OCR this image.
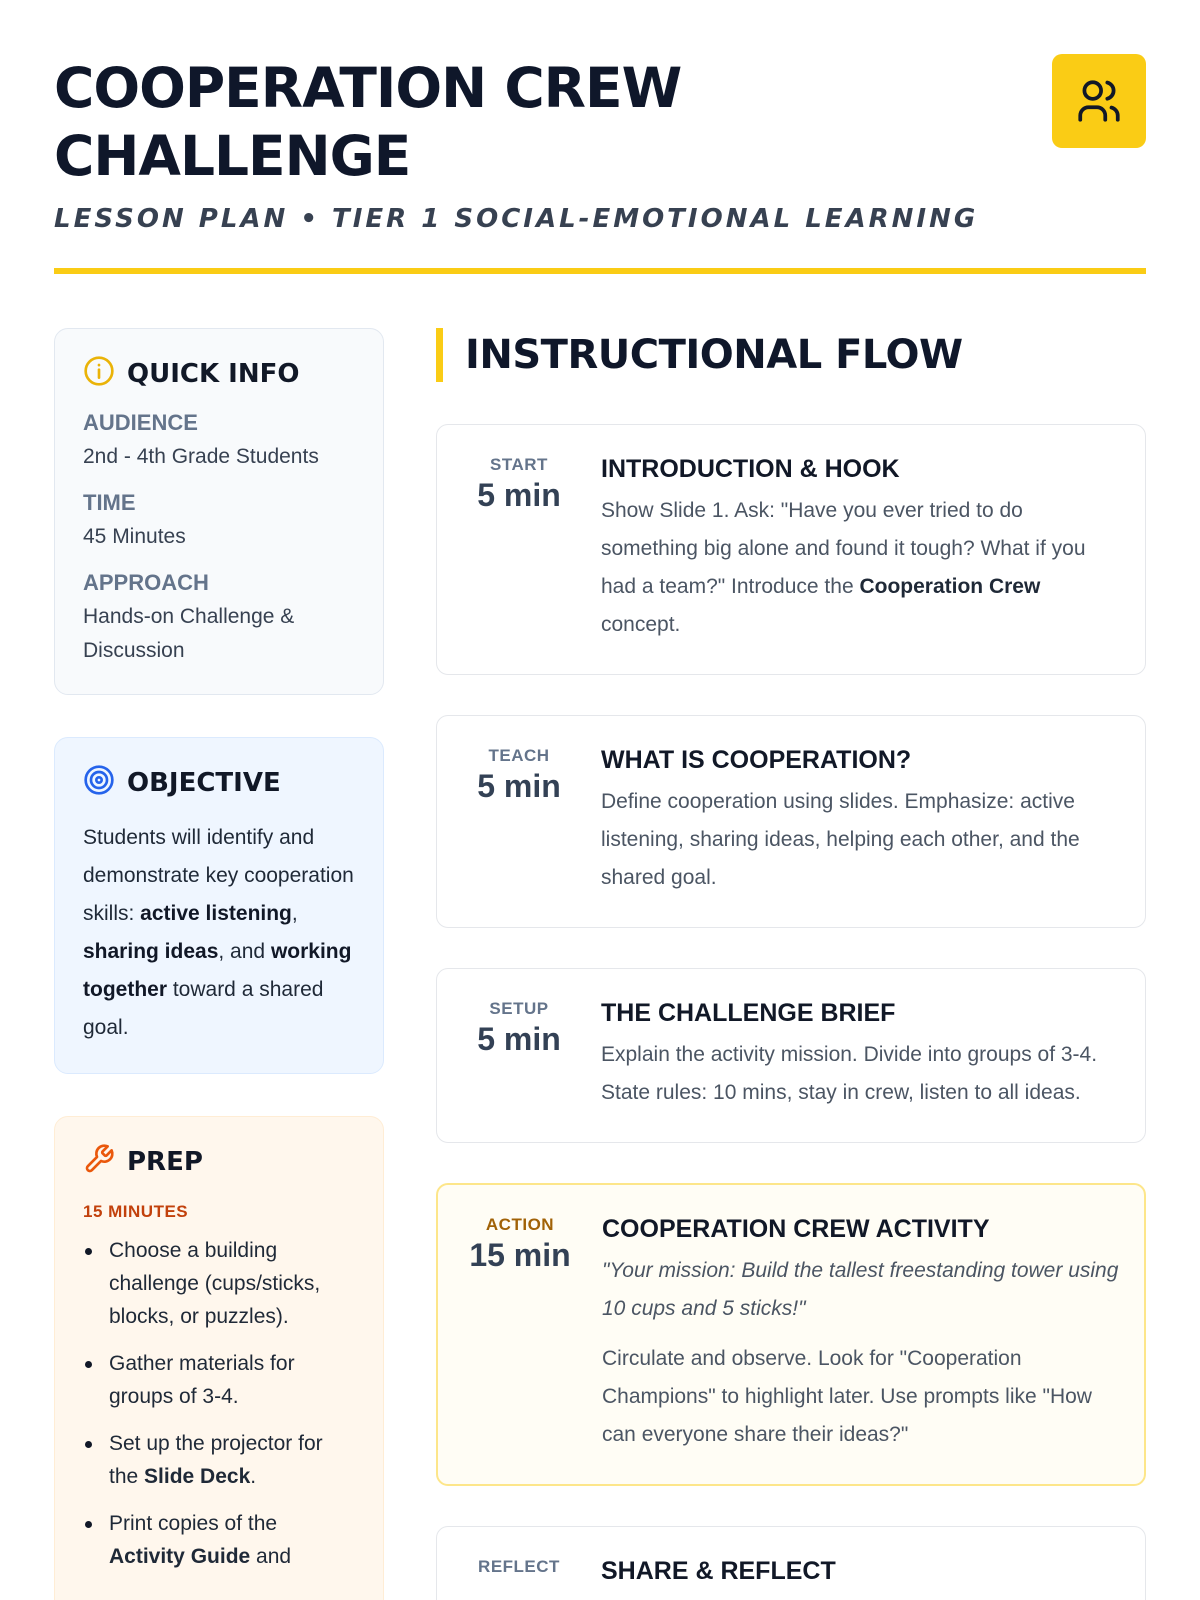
COOPERATION CREW CHALLENGE
LESSON PLAN • TIER 1 SOCIAL-EMOTIONAL LEARNING
QUICK INFO
AUDIENCE
2nd - 4th Grade Students
TIME
45 Minutes
APPROACH
Hands-on Challenge & Discussion
OBJECTIVE

Students will identify and demonstrate key cooperation skills: active listening, sharing ideas, and working together toward a shared goal.

PREP
15 MINUTES
Choose a building challenge (cups/sticks, blocks, or puzzles).
Gather materials for groups of 3-4.
Set up the projector for the Slide Deck.
Print copies of the Activity Guide and
INSTRUCTIONAL FLOW
START
5 min
INTRODUCTION & HOOK

Show Slide 1. Ask: "Have you ever tried to do something big alone and found it tough? What if you had a team?" Introduce the Cooperation Crew concept.

TEACH
5 min
WHAT IS COOPERATION?

Define cooperation using slides. Emphasize: active listening, sharing ideas, helping each other, and the shared goal.

SETUP
5 min
THE CHALLENGE BRIEF

Explain the activity mission. Divide into groups of 3-4. State rules: 10 mins, stay in crew, listen to all ideas.

ACTION
15 min
COOPERATION CREW ACTIVITY

"Your mission: Build the tallest freestanding tower using 10 cups and 5 sticks!"

Circulate and observe. Look for "Cooperation Champions" to highlight later. Use prompts like "How can everyone share their ideas?"

REFLECT	SHARE & REFLECT
